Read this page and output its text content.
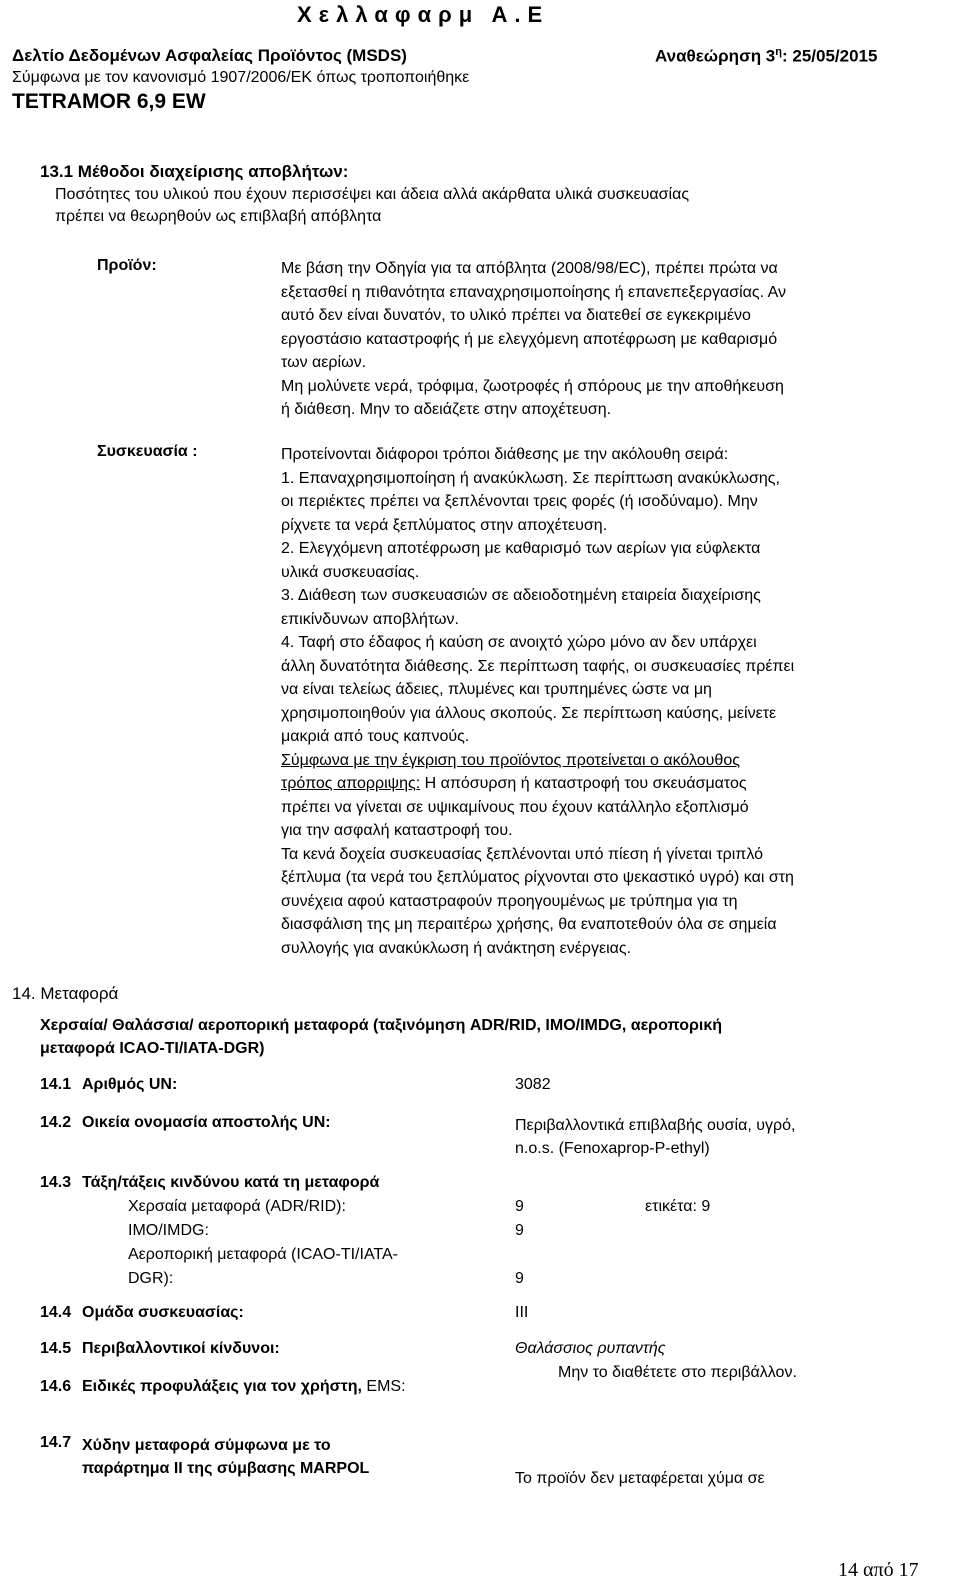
Χελλαφαρμ Α.Ε
Δελτίο Δεδομένων Ασφαλείας Προϊόντος (MSDS)	Αναθεώρηση $3^\eta$: 25/05/2015
Σύμφωνα με τον κανονισμό 1907/2006/ΕΚ όπως τροποποιήθηκε
TETRAMOR 6,9 EW
13.1 Μέθοδοι διαχείρισης αποβλήτων:
Ποσότητες του υλικού που έχουν περισσέψει και άδεια αλλά ακάρθατα υλικά συσκευασίας
πρέπει να θεωρηθούν ως επιβλαβή απόβλητα
Προϊόν:	Με βάση την Οδηγία για τα απόβλητα (2008/98/EC), πρέπει πρώτα να
εξετασθεί η πιθανότητα επαναχρησιμοποίησης ή επανεπεξεργασίας. Αν
αυτό δεν είναι δυνατόν, το υλικό πρέπει να διατεθεί σε εγκεκριμένο
εργοστάσιο καταστροφής ή με ελεγχόμενη αποτέφρωση με καθαρισμό
των αερίων.
Μη μολύνετε νερά, τρόφιμα, ζωοτροφές ή σπόρους με την αποθήκευση
ή διάθεση. Μην το αδειάζετε στην αποχέτευση.
Συσκευασία :	Προτείνονται διάφοροι τρόποι διάθεσης με την ακόλουθη σειρά:
1. Επαναχρησιμοποίηση ή ανακύκλωση. Σε περίπτωση ανακύκλωσης,
οι περιέκτες πρέπει να ξεπλένονται τρεις φορές (ή ισοδύναμο). Μην
ρίχνετε τα νερά ξεπλύματος στην αποχέτευση.
2. Ελεγχόμενη αποτέφρωση με καθαρισμό των αερίων για εύφλεκτα
υλικά συσκευασίας.
3. Διάθεση των συσκευασιών σε αδειοδοτημένη εταιρεία διαχείρισης
επικίνδυνων αποβλήτων.
4. Ταφή στο έδαφος ή καύση σε ανοιχτό χώρο μόνο αν δεν υπάρχει
άλλη δυνατότητα διάθεσης. Σε περίπτωση ταφής, οι συσκευασίες πρέπει
να είναι τελείως άδειες, πλυμένες και τρυπημένες ώστε να μη
χρησιμοποιηθούν για άλλους σκοπούς. Σε περίπτωση καύσης, μείνετε
μακριά από τους καπνούς.
Σύμφωνα με την έγκριση του προϊόντος προτείνεται ο ακόλουθος
τρόπος απορριψης: Η απόσυρση ή καταστροφή του σκευάσματος
πρέπει να γίνεται σε υψικαμίνους που έχουν κατάλληλο εξοπλισμό
για την ασφαλή καταστροφή του.
Τα κενά δοχεία συσκευασίας ξεπλένονται υπό πίεση ή γίνεται τριπλό
ξέπλυμα (τα νερά του ξεπλύματος ρίχνονται στο ψεκαστικό υγρό) και στη
συνέχεια αφού καταστραφούν προηγουμένως με τρύπημα για τη
διασφάλιση της μη περαιτέρω χρήσης, θα εναποτεθούν όλα σε σημεία
συλλογής για ανακύκλωση ή ανάκτηση ενέργειας.
14. Μεταφορά
Χερσαία/ Θαλάσσια/ αεροπορική μεταφορά (ταξινόμηση ADR/RID, IMO/IMDG, αεροπορική
μεταφορά ICAO-TI/IATA-DGR)
14.1 Αριθμός UN:	3082
14.2 Οικεία ονομασία αποστολής UN:	Περιβαλλοντικά επιβλαβής ουσία, υγρό,
n.o.s. (Fenoxaprop-P-ethyl)
14.3 Τάξη/τάξεις κινδύνου κατά τη μεταφορά
Χερσαία μεταφορά (ADR/RID):	9	ετικέτα: 9
IMO/IMDG:	9
Αεροπορική μεταφορά (ICAO-TI/IATA-
DGR):	9
14.4 Ομάδα συσκευασίας:	III
14.5 Περιβαλλοντικοί κίνδυνοι:	Θαλάσσιος ρυπαντής
Μην το διαθέτετε στο περιβάλλον.
14.6 Ειδικές προφυλάξεις για τον χρήστη, EMS:
14.7 Χύδην μεταφορά σύμφωνα με το
παράρτημα II της σύμβασης MARPOL
Το προϊόν δεν μεταφέρεται χύμα σε
14 από 17
